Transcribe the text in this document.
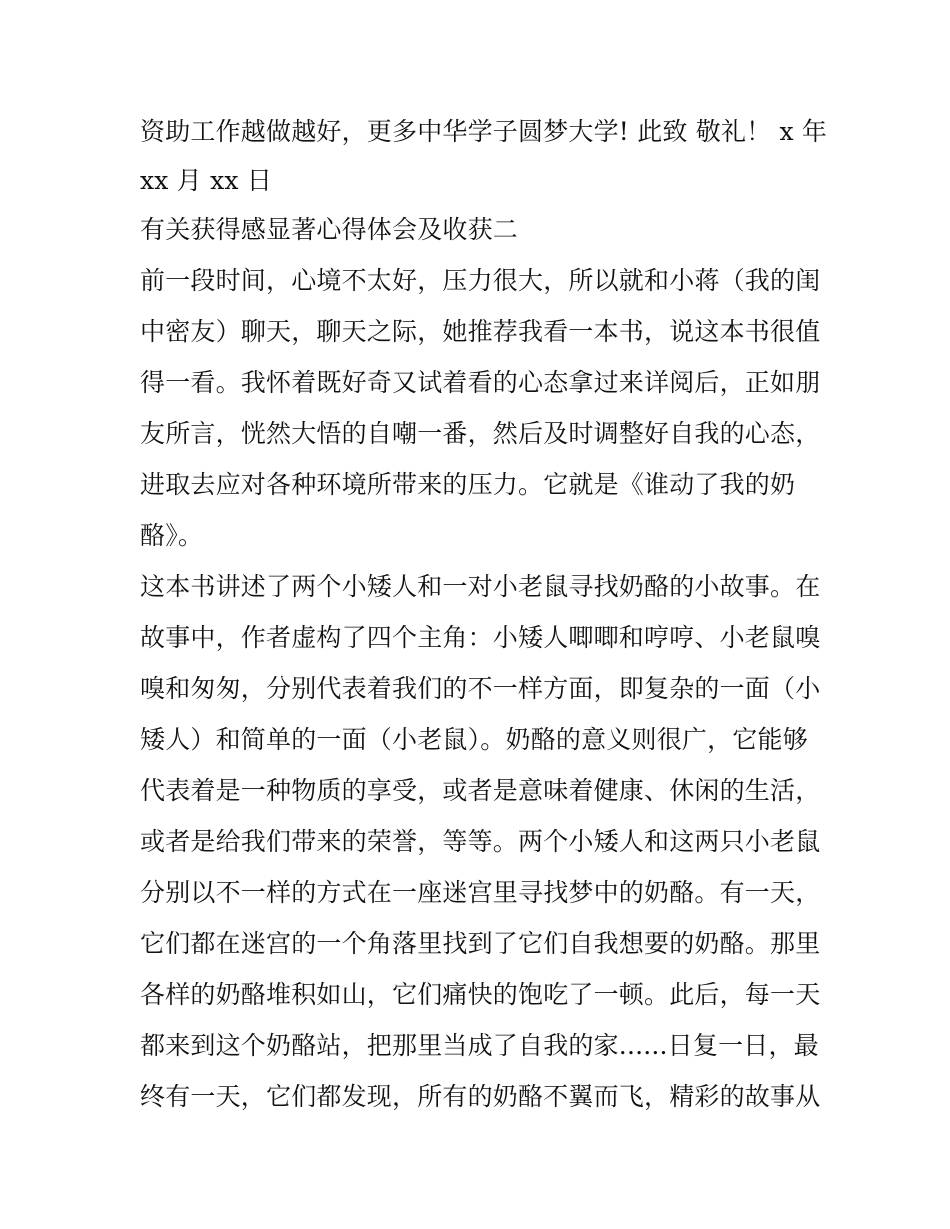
资助工作越做越好，更多中华学子圆梦大学! 此致 敬礼！ x 年
xx 月 xx 日
有关获得感显著心得体会及收获二
前一段时间，心境不太好，压力很大，所以就和小蒋（我的闺
中密友）聊天，聊天之际，她推荐我看一本书，说这本书很值
得一看。我怀着既好奇又试着看的心态拿过来详阅后，正如朋
友所言，恍然大悟的自嘲一番，然后及时调整好自我的心态，
进取去应对各种环境所带来的压力。它就是《谁动了我的奶
酪》。
这本书讲述了两个小矮人和一对小老鼠寻找奶酪的小故事。在
故事中，作者虚构了四个主角：小矮人唧唧和哼哼、小老鼠嗅
嗅和匆匆，分别代表着我们的不一样方面，即复杂的一面（小
矮人）和简单的一面（小老鼠）。奶酪的意义则很广，它能够
代表着是一种物质的享受，或者是意味着健康、休闲的生活，
或者是给我们带来的荣誉，等等。两个小矮人和这两只小老鼠
分别以不一样的方式在一座迷宫里寻找梦中的奶酪。有一天，
它们都在迷宫的一个角落里找到了它们自我想要的奶酪。那里
各样的奶酪堆积如山，它们痛快的饱吃了一顿。此后，每一天
都来到这个奶酪站，把那里当成了自我的家......日复一日，最
终有一天，它们都发现，所有的奶酪不翼而飞，精彩的故事从
